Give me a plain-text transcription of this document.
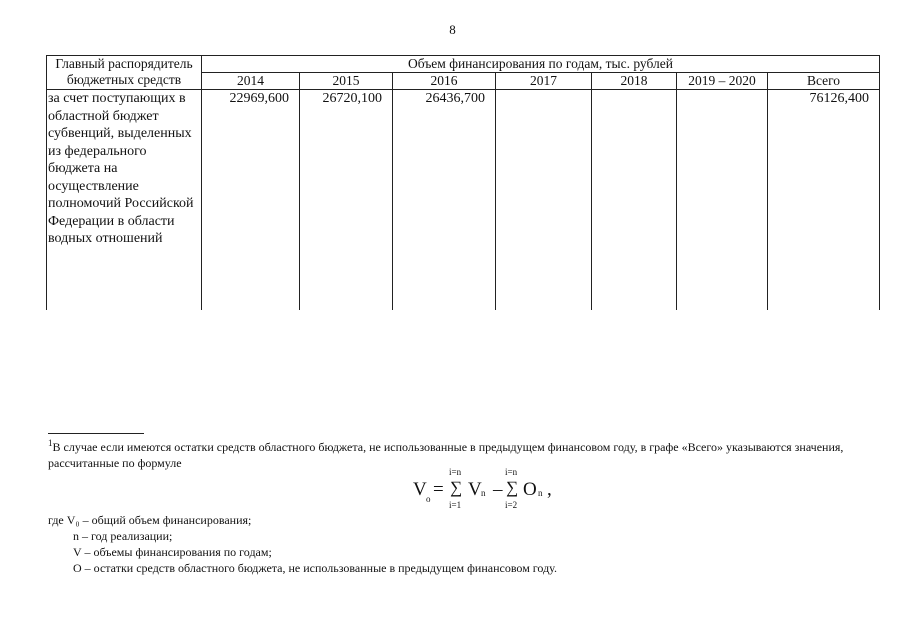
8
Главный распорядитель бюджетных средств	Объем финансирования по годам, тыс. рублей						
	2014	2015	2016	2017	2018	2019 – 2020	Всего
за счет поступающих в областной бюджет субвенций, выделенных из федерального бюджета на осуществление полномочий Российской Федерации в области водных отношений	22969,600	26720,100	26436,700				76126,400
$^1$В случае если имеются остатки средств областного бюджета, не использованные в предыдущем финансовом году, в графе «Всего» указываются значения, рассчитанные по формуле
V o =
i=n
∑
i=1
V n –
i=n
∑
i=2
O n ,
где V₀ – общий объем финансирования;
n – год реализации;
V – объемы финансирования по годам;
О – остатки средств областного бюджета, не использованные в предыдущем финансовом году.
